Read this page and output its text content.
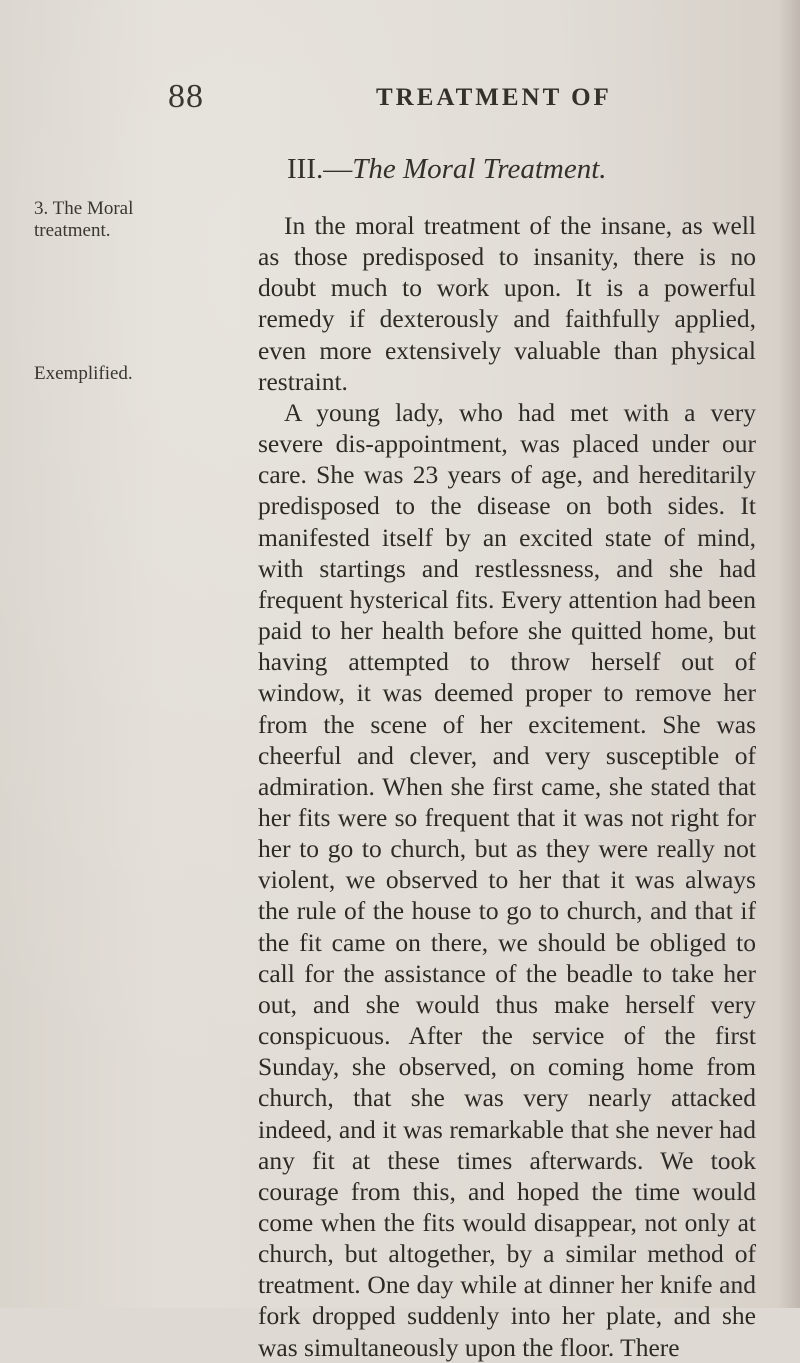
88	TREATMENT OF
III.—The Moral Treatment.
3. The Moral
treatment.
Exemplified.

In the moral treatment of the insane, as well as those predisposed to insanity, there is no doubt much to work upon. It is a powerful remedy if dexterously and faithfully applied, even more extensively valuable than physical restraint.

A young lady, who had met with a very severe dis-appointment, was placed under our care. She was 23 years of age, and hereditarily predisposed to the disease on both sides. It manifested itself by an excited state of mind, with startings and restlessness, and she had frequent hysterical fits. Every attention had been paid to her health before she quitted home, but having attempted to throw herself out of window, it was deemed proper to remove her from the scene of her excitement. She was cheerful and clever, and very susceptible of admiration. When she first came, she stated that her fits were so frequent that it was not right for her to go to church, but as they were really not violent, we observed to her that it was always the rule of the house to go to church, and that if the fit came on there, we should be obliged to call for the assistance of the beadle to take her out, and she would thus make herself very conspicuous. After the service of the first Sunday, she observed, on coming home from church, that she was very nearly attacked indeed, and it was remarkable that she never had any fit at these times afterwards. We took courage from this, and hoped the time would come when the fits would disappear, not only at church, but altogether, by a similar method of treatment. One day while at dinner her knife and fork dropped suddenly into her plate, and she was simultaneously upon the floor. There
